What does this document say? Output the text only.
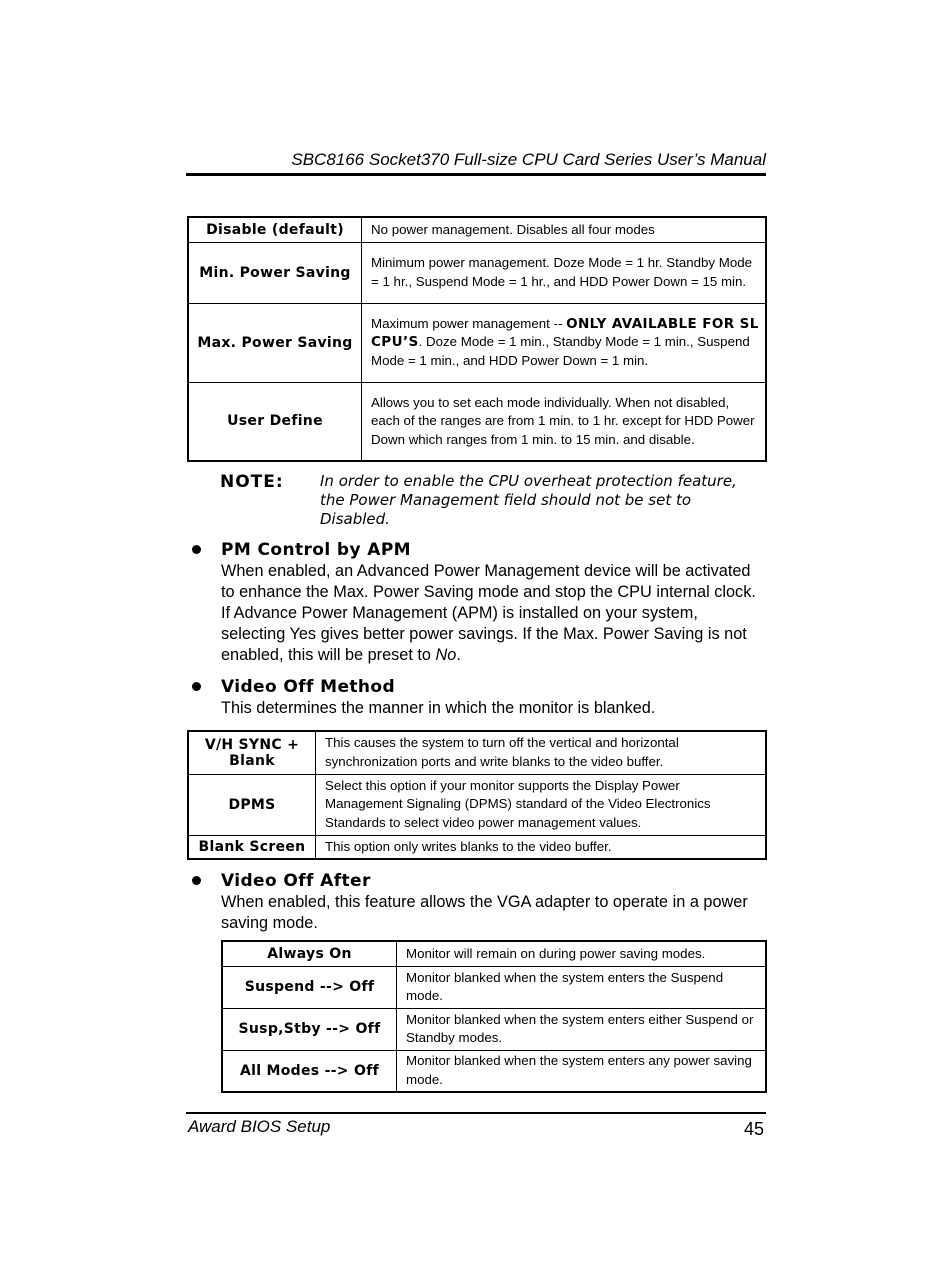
SBC8166 Socket370 Full-size CPU Card Series User’s Manual
Disable (default)	No power management. Disables all four modes
Min. Power Saving	Minimum power management. Doze Mode = 1 hr. Standby Mode = 1 hr., Suspend Mode = 1 hr., and HDD Power Down = 15 min.
Max. Power Saving	Maximum power management -- ONLY AVAILABLE FOR SL CPU’S. Doze Mode = 1 min., Standby Mode = 1 min., Suspend Mode = 1 min., and HDD Power Down = 1 min.
User Define	Allows you to set each mode individually. When not disabled, each of the ranges are from 1 min. to 1 hr. except for HDD Power Down which ranges from 1 min. to 15 min. and disable.
NOTE: In order to enable the CPU overheat protection feature, the Power Management field should not be set to Disabled.
PM Control by APM
When enabled, an Advanced Power Management device will be activated to enhance the Max. Power Saving mode and stop the CPU internal clock. If Advance Power Management (APM) is installed on your system, selecting Yes gives better power savings. If the Max. Power Saving is not enabled, this will be preset to No.
Video Off Method
This determines the manner in which the monitor is blanked.
V/H SYNC + Blank	This causes the system to turn off the vertical and horizontal synchronization ports and write blanks to the video buffer.
DPMS	Select this option if your monitor supports the Display Power Management Signaling (DPMS) standard of the Video Electronics Standards to select video power management values.
Blank Screen	This option only writes blanks to the video buffer.
Video Off After
When enabled, this feature allows the VGA adapter to operate in a power saving mode.
Always On	Monitor will remain on during power saving modes.
Suspend --> Off	Monitor blanked when the system enters the Suspend mode.
Susp,Stby --> Off	Monitor blanked when the system enters either Suspend or Standby modes.
All Modes --> Off	Monitor blanked when the system enters any power saving mode.
Award BIOS Setup	45
